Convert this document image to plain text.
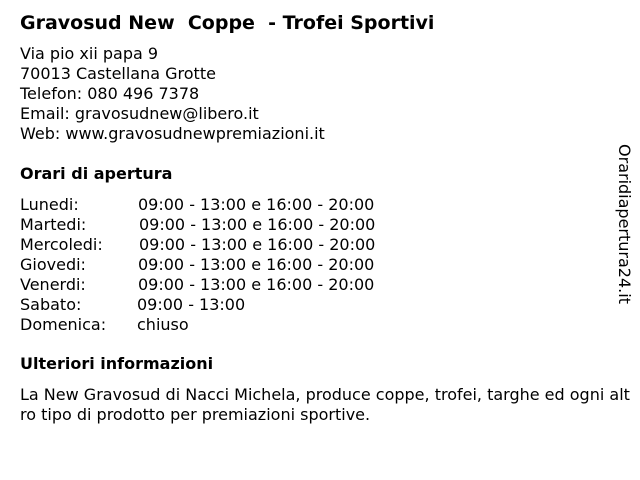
Gravosud New  Coppe  - Trofei Sportivi
Via pio xii papa 9
70013 Castellana Grotte
Telefon: 080 496 7378
Email: gravosudnew@libero.it
Web: www.gravosudnewpremiazioni.it
Orari di apertura
Lunedi:	09:00 - 13:00 e 16:00 - 20:00
Martedi:	09:00 - 13:00 e 16:00 - 20:00
Mercoledi: 09:00 - 13:00 e 16:00 - 20:00
Giovedi:	09:00 - 13:00 e 16:00 - 20:00
Venerdi:	09:00 - 13:00 e 16:00 - 20:00
Sabato:	09:00 - 13:00
Domenica: chiuso
Ulteriori informazioni
La New Gravosud di Nacci Michela, produce coppe, trofei, targhe ed ogni altro tipo di prodotto per premiazioni sportive.
Oraridiapertura24.it
